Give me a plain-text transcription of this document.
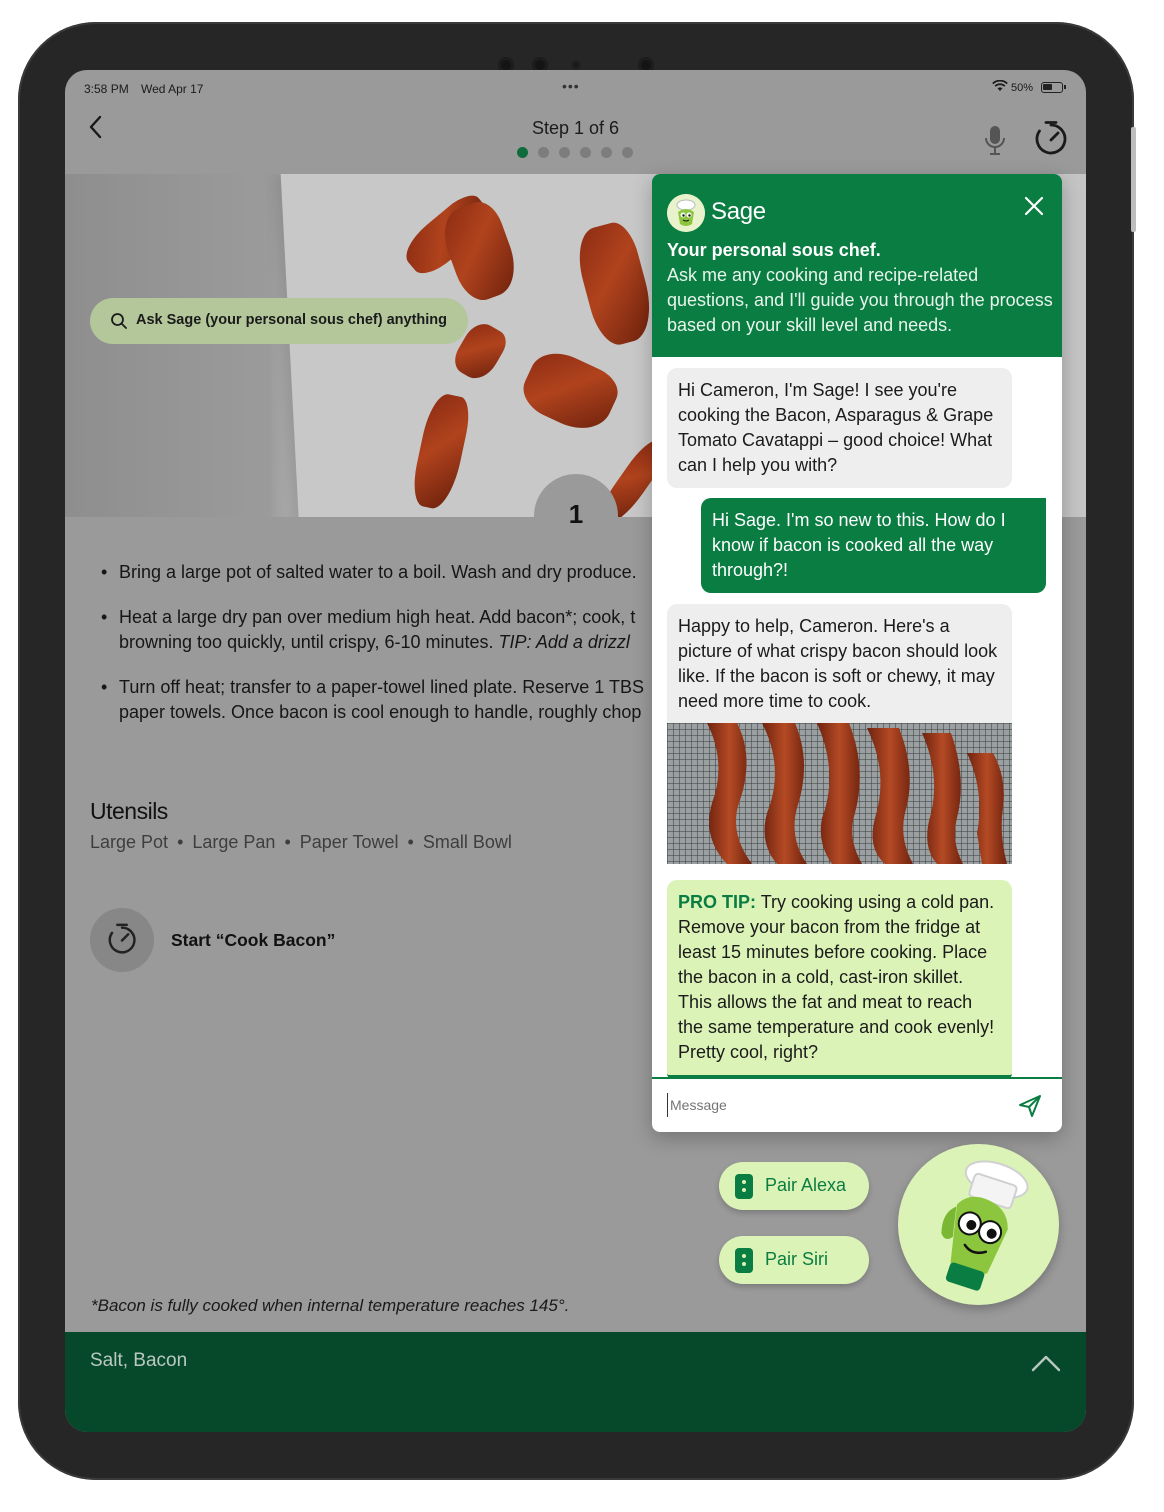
3:58 PM Wed Apr 17	•••	50%
Step 1 of 6
Ask Sage (your personal sous chef) anything
1
• Bring a large pot of salted water to a boil. Wash and dry produce.
• Heat a large dry pan over medium high heat. Add bacon*; cook, t
browning too quickly, until crispy, 6-10 minutes. TIP: Add a drizzl
• Turn off heat; transfer to a paper-towel lined plate. Reserve 1 TBS
paper towels. Once bacon is cool enough to handle, roughly chop
Utensils
Large Pot • Large Pan • Paper Towel • Small Bowl
Start “Cook Bacon”
*Bacon is fully cooked when internal temperature reaches 145°.
Salt, Bacon
Sage
Your personal sous chef.
Ask me any cooking and recipe-related questions, and I'll guide you through the process based on your skill level and needs.
Hi Cameron, I'm Sage! I see you're cooking the Bacon, Asparagus & Grape Tomato Cavatappi – good choice! What can I help you with?
Hi Sage. I'm so new to this. How do I know if bacon is cooked all the way through?!
Happy to help, Cameron. Here's a picture of what crispy bacon should look like. If the bacon is soft or chewy, it may need more time to cook.
PRO TIP: Try cooking using a cold pan. Remove your bacon from the fridge at least 15 minutes before cooking. Place the bacon in a cold, cast-iron skillet. This allows the fat and meat to reach the same temperature and cook evenly! Pretty cool, right?
Message
Pair Alexa
Pair Siri
